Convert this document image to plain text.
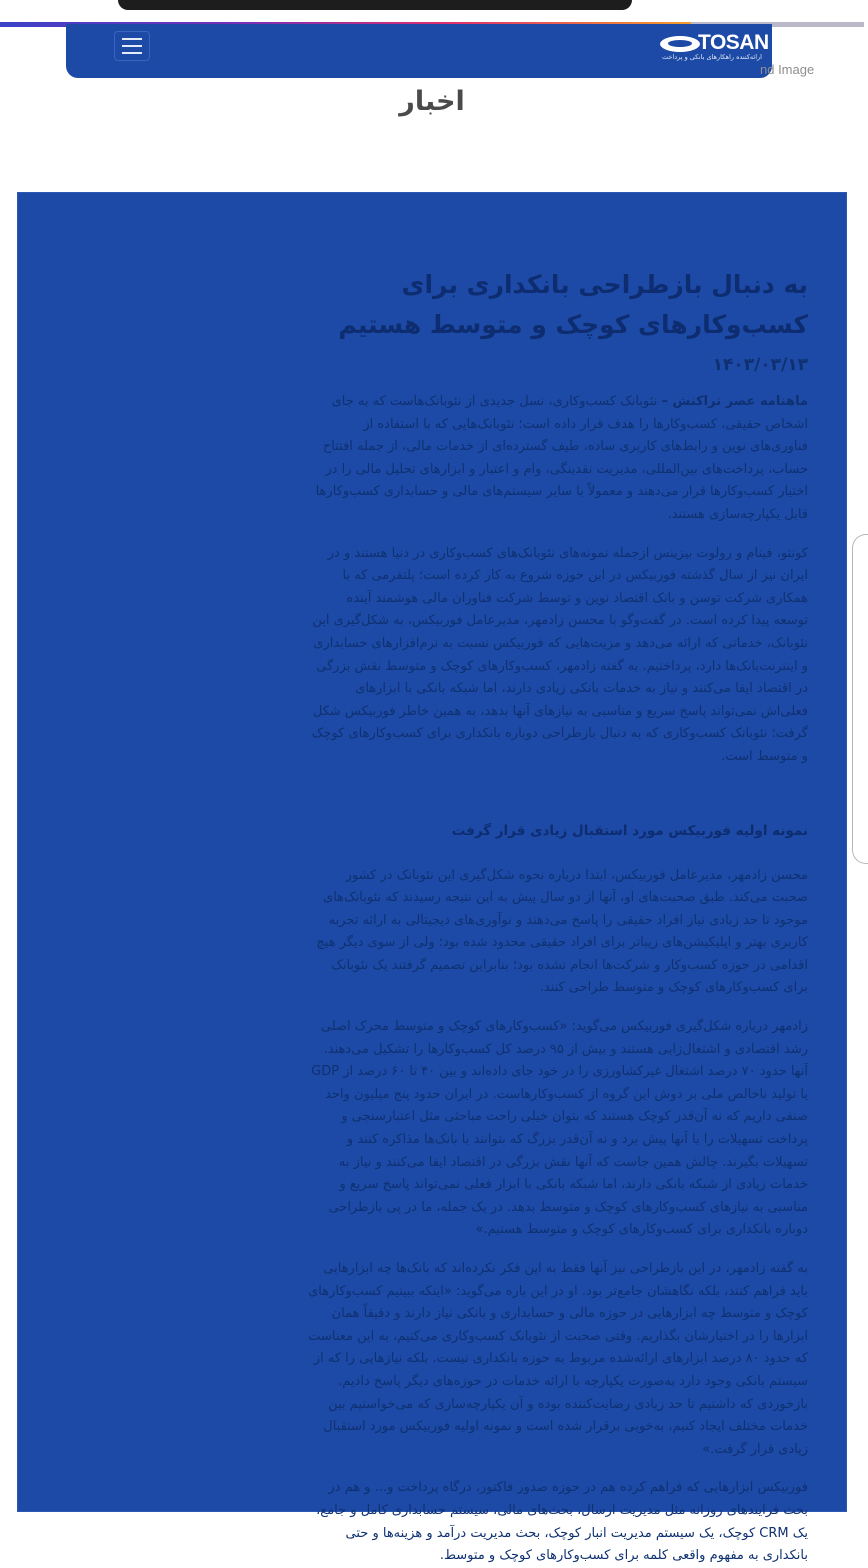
TOSAN
ارائه‌کننده راهکارهای بانکی و پرداخت
nd Image
اخبار
به دنبال بازطراحی بانکداری برای کسب‌وکارهای کوچک و متوسط هستیم
۱۴۰۳/۰۳/۱۳

ماهنامه عصر تراکنش – نئوبانک کسب‌وکاری، نسل جدیدی از نئوبانک‌هاست که به جای اشخاص حقیقی، کسب‌وکارها را هدف قرار داده است؛ نئوبانک‌هایی که با استفاده از فناوری‌های نوین و رابط‌های کاربری ساده، طیف گسترده‌ای از خدمات مالی، از جمله افتتاح حساب، پرداخت‌های بین‌المللی، مدیریت نقدینگی، وام و اعتبار و ابزارهای تحلیل مالی را در اختیار کسب‌وکارها قرار می‌دهند و معمولاً با سایر سیستم‌های مالی و حسابداری کسب‌وکارها قابل یکپارچه‌سازی هستند.

کونتو، فینام و رولوت بیزینس ازجمله نمونه‌های نئوبانک‌های کسب‌وکاری در دنیا هستند و در ایران نیز از سال گذشته فوربیکس در این حوزه شروع به کار کرده است؛ پلتفرمی که با همکاری شرکت توسن و بانک اقتصاد نوین و توسط شرکت فناوران مالی هوشمند آینده توسعه پیدا کرده است. در گفت‌وگو با محسن زادمهر، مدیرعامل فوربیکس، به شکل‌گیری این نئوبانک، خدماتی که ارائه می‌دهد و مزیت‌هایی که فوربیکس نسبت به نرم‌افزارهای حسابداری و اینترنت‌بانک‌ها دارد، پرداختیم. به گفته زادمهر، کسب‌وکارهای کوچک و متوسط نقش بزرگی در اقتصاد ایفا می‌کنند و نیاز به خدمات بانکی زیادی دارند، اما شبکه بانکی با ابزارهای فعلی‌اش نمی‌تواند پاسخ سریع و مناسبی به نیازهای آنها بدهد، به همین خاطر فوربیکس شکل گرفت؛ نئوبانک کسب‌وکاری که به دنبال بازطراحی دوباره بانکداری برای کسب‌وکارهای کوچک و متوسط است.

نمونه اولیه فوربیکس مورد استقبال زیادی قرار گرفت

محسن زادمهر، مدیرعامل فوربیکس، ابتدا درباره نحوه شکل‌گیری این نئوبانک در کشور صحبت می‌کند. طبق صحبت‌های او، آنها از دو سال پیش به این نتیجه رسیدند که نئوبانک‌های موجود تا حد زیادی نیاز افراد حقیقی را پاسخ می‌دهند و نوآوری‌های دیجیتالی به ارائه تجربه کاربری بهتر و اپلیکیشن‌های زیباتر برای افراد حقیقی محدود شده بود؛ ولی از سوی دیگر هیچ اقدامی در حوزه کسب‌وکار و شرکت‌ها انجام نشده بود؛ بنابراین تصمیم گرفتند یک نئوبانک برای کسب‌وکارهای کوچک و متوسط طراحی کنند.

زادمهر درباره شکل‌گیری فوربیکس می‌گوید: «کسب‌وکارهای کوچک و متوسط محرک اصلی رشد اقتصادی و اشتغال‌زایی هستند و بیش از ۹۵ درصد کل کسب‌وکارها را تشکیل می‌دهند. آنها حدود ۷۰ درصد اشتغال غیرکشاورزی را در خود جای داده‌اند و بین ۴۰ تا ۶۰ درصد از GDP یا تولید ناخالص ملی بر دوش این گروه از کسب‌وکارهاست. در ایران حدود پنج میلیون واحد صنفی داریم که نه آن‌قدر کوچک هستند که بتوان خیلی راحت مباحثی مثل اعتبارسنجی و پرداخت تسهیلات را با آنها پیش برد و نه آن‌قدر بزرگ که بتوانند با بانک‌ها مذاکره کنند و تسهیلات بگیرند. چالش همین جاست که آنها نقش بزرگی در اقتصاد ایفا می‌کنند و نیاز به خدمات زیادی از شبکه بانکی دارند، اما شبکه بانکی با ابزار فعلی نمی‌تواند پاسخ سریع و مناسبی به نیازهای کسب‌وکارهای کوچک و متوسط بدهد. در یک جمله، ما در پی بازطراحی دوباره بانکداری برای کسب‌وکارهای کوچک و متوسط هستیم.»

به گفته زادمهر، در این بازطراحی نیز آنها فقط به این فکر نکرده‌اند که بانک‌ها چه ابزارهایی باید فراهم کنند، بلکه نگاهشان جامع‌تر بود. او در این باره می‌گوید: «اینکه ببینیم کسب‌وکارهای کوچک و متوسط چه ابزارهایی در حوزه مالی و حسابداری و بانکی نیاز دارند و دقیقاً همان ابزارها را در اختیارشان بگذاریم. وقتی صحبت از نئوبانک کسب‌وکاری می‌کنیم، به این معناست که حدود ۸۰ درصد ابزارهای ارائه‌شده مربوط به حوزه بانکداری نیست. بلکه نیازهایی را که از سیستم بانکی وجود دارد به‌صورت یکپارچه با ارائه خدمات در حوزه‌های دیگر پاسخ دادیم. بازخوردی که داشتیم تا حد زیادی رضایت‌کننده بوده و آن یکپارچه‌سازی که می‌خواستیم بین خدمات مختلف ایجاد کنیم، به‌خوبی برقرار شده است و نمونه اولیه فوربیکس مورد استقبال زیادی قرار گرفت.»

فوربیکس ابزارهایی که فراهم کرده هم در حوزه صدور فاکتور، درگاه پرداخت و... و هم در بحث فرایندهای روزانه مثل مدیریت ارسال، بحث‌های مالی، سیستم حسابداری کامل و جامع، یک CRM کوچک، یک سیستم مدیریت انبار کوچک، بحث مدیریت درآمد و هزینه‌ها و حتی بانکداری به مفهوم واقعی کلمه برای کسب‌وکارهای کوچک و متوسط.
